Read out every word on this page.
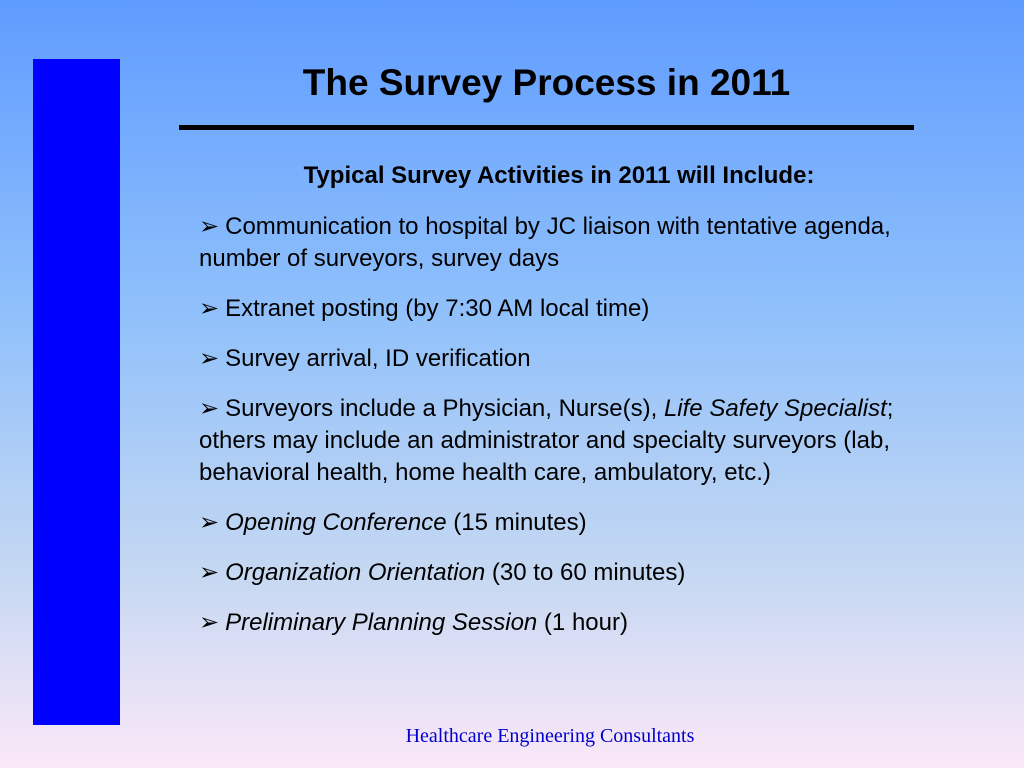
The Survey Process in 2011

Typical Survey Activities in 2011 will Include:

➢ Communication to hospital by JC liaison with tentative agenda, number of surveyors, survey days

➢ Extranet posting (by 7:30 AM local time)

➢ Survey arrival, ID verification

➢ Surveyors include a Physician, Nurse(s), Life Safety Specialist; others may include an administrator and specialty surveyors (lab, behavioral health, home health care, ambulatory, etc.)

➢ Opening Conference (15 minutes)

➢ Organization Orientation (30 to 60 minutes)

➢ Preliminary Planning Session (1 hour)

Healthcare Engineering Consultants
